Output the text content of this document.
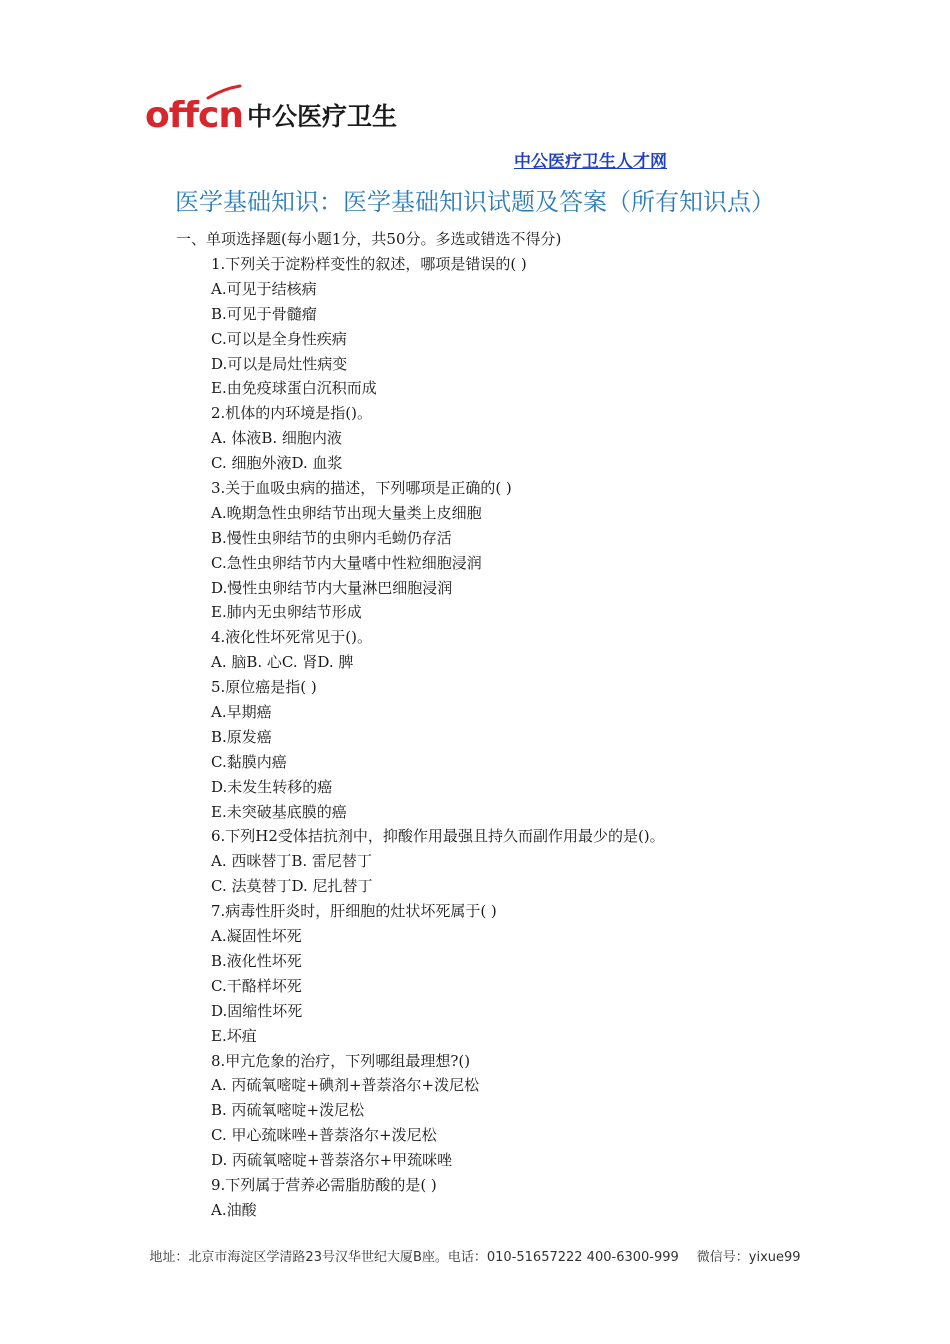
offcn 中公医疗卫生
中公医疗卫生人才网
医学基础知识：医学基础知识试题及答案（所有知识点）
一、单项选择题(每小题1分，共50分。多选或错选不得分)
1.下列关于淀粉样变性的叙述，哪项是错误的( )
A.可见于结核病
B.可见于骨髓瘤
C.可以是全身性疾病
D.可以是局灶性病变
E.由免疫球蛋白沉积而成
2.机体的内环境是指()。
A. 体液B. 细胞内液
C. 细胞外液D. 血浆
3.关于血吸虫病的描述，下列哪项是正确的( )
A.晚期急性虫卵结节出现大量类上皮细胞
B.慢性虫卵结节的虫卵内毛蚴仍存活
C.急性虫卵结节内大量嗜中性粒细胞浸润
D.慢性虫卵结节内大量淋巴细胞浸润
E.肺内无虫卵结节形成
4.液化性坏死常见于()。
A. 脑B. 心C. 肾D. 脾
5.原位癌是指( )
A.早期癌
B.原发癌
C.黏膜内癌
D.未发生转移的癌
E.未突破基底膜的癌
6.下列H2受体拮抗剂中，抑酸作用最强且持久而副作用最少的是()。
A. 西咪替丁B. 雷尼替丁
C. 法莫替丁D. 尼扎替丁
7.病毒性肝炎时，肝细胞的灶状坏死属于( )
A.凝固性坏死
B.液化性坏死
C.干酪样坏死
D.固缩性坏死
E.坏疽
8.甲亢危象的治疗，下列哪组最理想?()
A. 丙硫氧嘧啶+碘剂+普萘洛尔+泼尼松
B. 丙硫氧嘧啶+泼尼松
C. 甲心巯咪唑+普萘洛尔+泼尼松
D. 丙硫氧嘧啶+普萘洛尔+甲巯咪唑
9.下列属于营养必需脂肪酸的是( )
A.油酸
地址：北京市海淀区学清路23号汉华世纪大厦B座。电话：010-51657222 400-6300-999 微信号：yixue99
